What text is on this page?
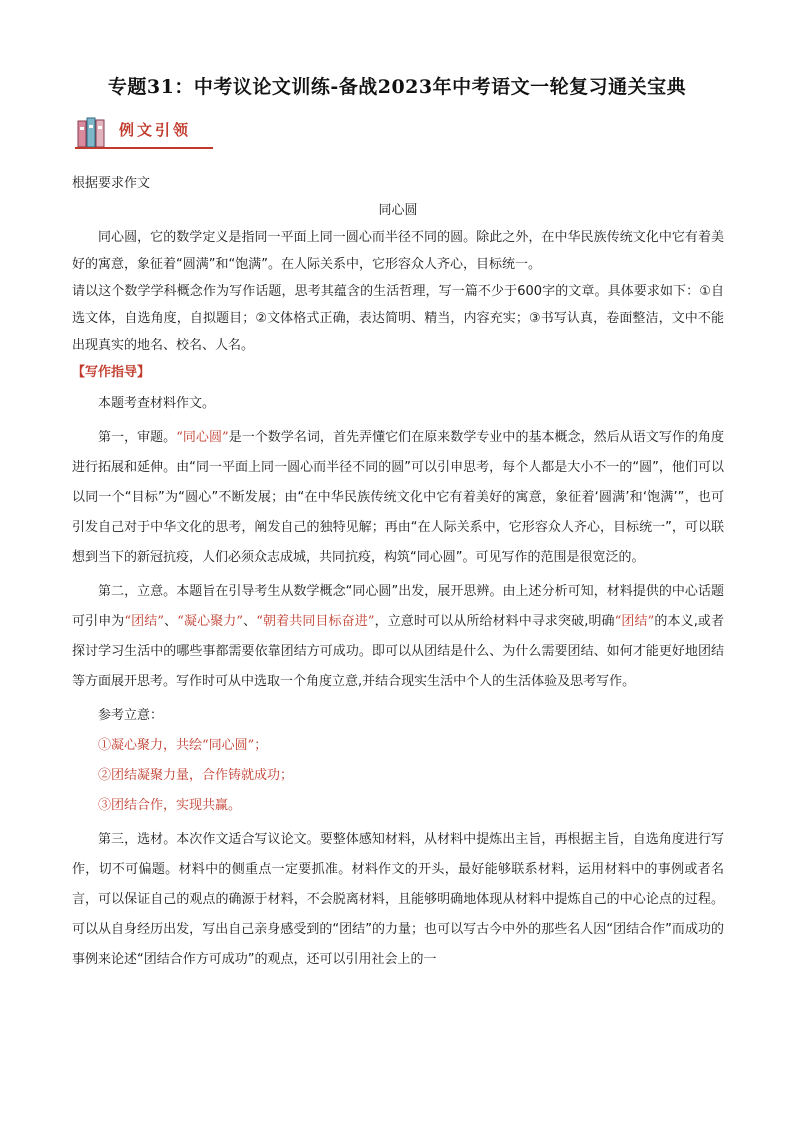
专题31：中考议论文训练-备战2023年中考语文一轮复习通关宝典
例文引领

根据要求作文

同心圆

同心圆，它的数学定义是指同一平面上同一圆心而半径不同的圆。除此之外，在中华民族传统文化中它有着美好的寓意，象征着“圆满”和“饱满”。在人际关系中，它形容众人齐心，目标统一。

请以这个数学学科概念作为写作话题，思考其蕴含的生活哲理，写一篇不少于600字的文章。具体要求如下：①自选文体，自选角度，自拟题目；②文体格式正确，表达简明、精当，内容充实；③书写认真，卷面整洁，文中不能出现真实的地名、校名、人名。

【写作指导】

本题考查材料作文。

第一，审题。“同心圆”是一个数学名词，首先弄懂它们在原来数学专业中的基本概念，然后从语文写作的角度进行拓展和延伸。由“同一平面上同一圆心而半径不同的圆”可以引申思考，每个人都是大小不一的“圆”，他们可以以同一个“目标”为“圆心”不断发展；由“在中华民族传统文化中它有着美好的寓意，象征着‘圆满’和‘饱满’”，也可引发自己对于中华文化的思考，阐发自己的独特见解；再由“在人际关系中，它形容众人齐心，目标统一”，可以联想到当下的新冠抗疫，人们必须众志成城，共同抗疫，构筑“同心圆”。可见写作的范围是很宽泛的。

第二，立意。本题旨在引导考生从数学概念“同心圆”出发，展开思辨。由上述分析可知，材料提供的中心话题可引申为“团结”、“凝心聚力”、“朝着共同目标奋进”，立意时可以从所给材料中寻求突破,明确“团结”的本义,或者探讨学习生活中的哪些事都需要依靠团结方可成功。即可以从团结是什么、为什么需要团结、如何才能更好地团结等方面展开思考。写作时可从中选取一个角度立意,并结合现实生活中个人的生活体验及思考写作。

参考立意：

①凝心聚力，共绘“同心圆”；

②团结凝聚力量，合作铸就成功；

③团结合作，实现共赢。

第三，选材。本次作文适合写议论文。要整体感知材料，从材料中提炼出主旨，再根据主旨，自选角度进行写作，切不可偏题。材料中的侧重点一定要抓准。材料作文的开头，最好能够联系材料，运用材料中的事例或者名言，可以保证自己的观点的确源于材料，不会脱离材料，且能够明确地体现从材料中提炼自己的中心论点的过程。可以从自身经历出发，写出自己亲身感受到的“团结”的力量；也可以写古今中外的那些名人因“团结合作”而成功的事例来论述“团结合作方可成功”的观点，还可以引用社会上的一
